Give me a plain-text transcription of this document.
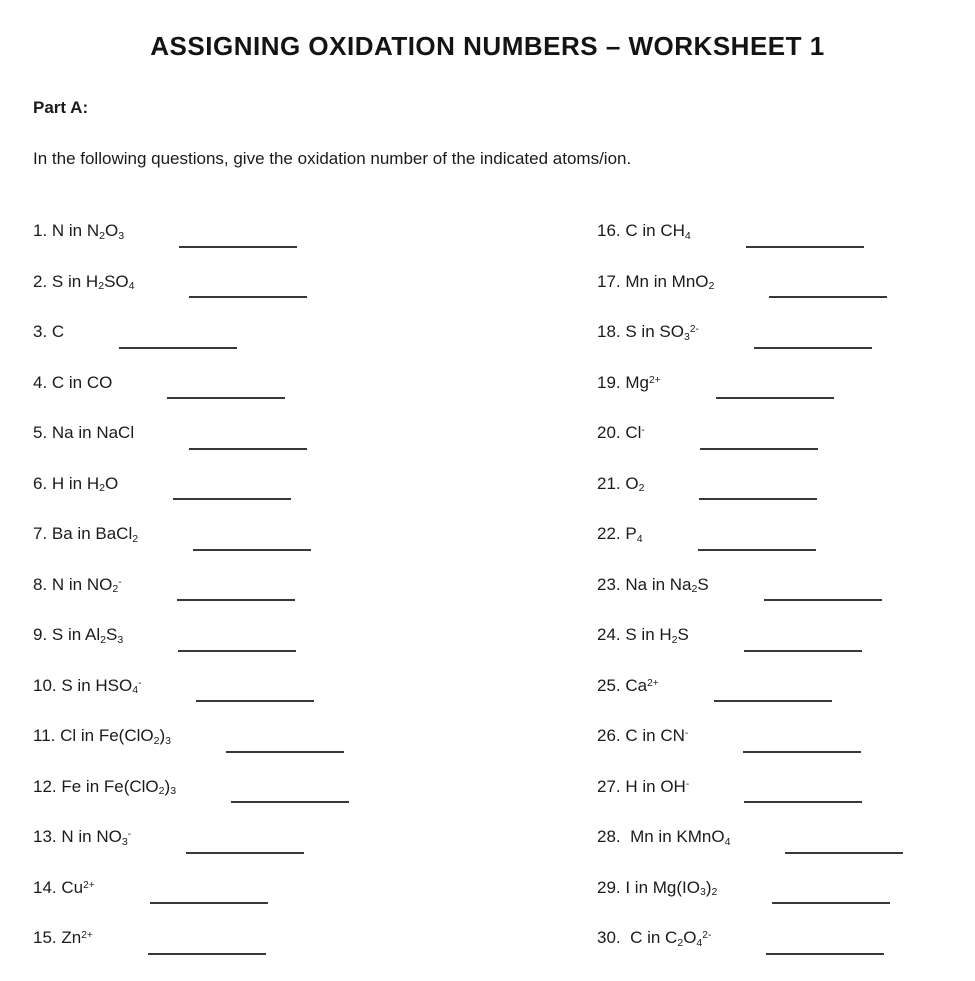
ASSIGNING OXIDATION NUMBERS – WORKSHEET 1
Part A:
In the following questions, give the oxidation number of the indicated atoms/ion.
1. N in $N_2O_3$
2. S in $H_2SO_4$
3. C
4. C in CO
5. Na in NaCl
6. H in $H_2O$
7. Ba in BaCl$_2$
8. N in $NO_2^-$
9. S in $Al_2S_3$
10. S in $HSO_4^-$
11. Cl in $Fe(ClO_2)_3$
12. Fe in $Fe(ClO_2)_3$
13. N in $NO_3^-$
14. $Cu^{2+}$
15. $Zn^{2+}$
16. C in $CH_4$
17. Mn in MnO$_2$
18. S in $SO_3^{2-}$
19. $Mg^{2+}$
20. Cl-
21. $O_2$
22. $P_4$
23. Na in $Na_2S$
24. S in $H_2S$
25. $Ca^{2+}$
26. C in CN-
27. H in OH-
28.  Mn in KMnO$_4$
29. I in $Mg(IO_3)_2$
30.  C in $C_2O_4^{2-}$
